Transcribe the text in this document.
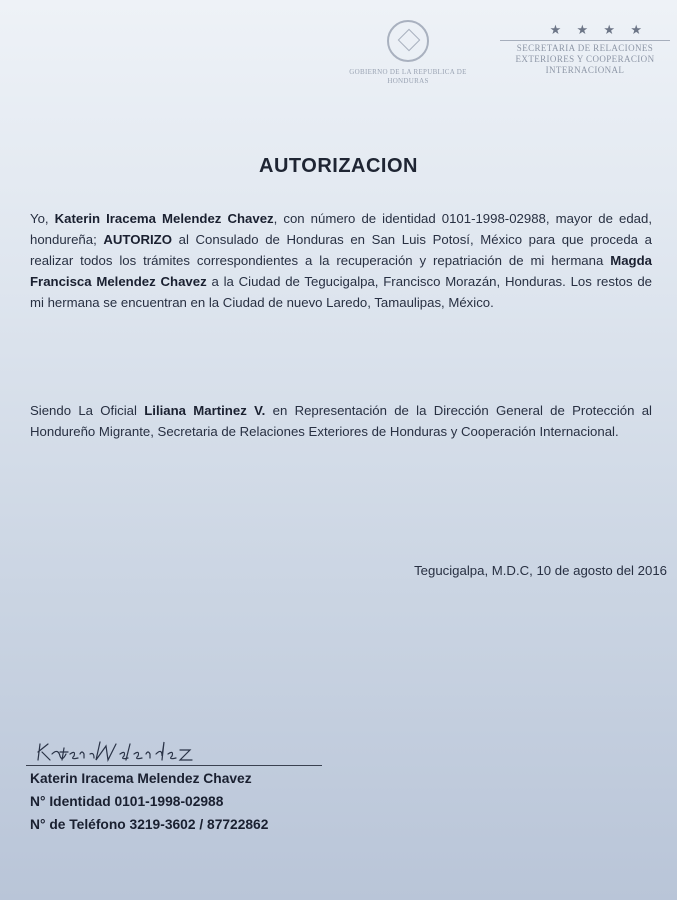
GOBIERNO DE LA REPUBLICA DE HONDURAS
★ ★ ★ ★
SECRETARIA DE RELACIONES EXTERIORES Y COOPERACION INTERNACIONAL
AUTORIZACION
Yo, Katerin Iracema Melendez Chavez, con número de identidad 0101-1998-02988, mayor de edad, hondureña; AUTORIZO al Consulado de Honduras en San Luis Potosí, México para que proceda a realizar todos los trámites correspondientes a la recuperación y repatriación de mi hermana Magda Francisca Melendez Chavez a la Ciudad de Tegucigalpa, Francisco Morazán, Honduras. Los restos de mi hermana se encuentran en la Ciudad de nuevo Laredo, Tamaulipas, México.
Siendo La Oficial Liliana Martinez V. en Representación de la Dirección General de Protección al Hondureño Migrante, Secretaria de Relaciones Exteriores de Honduras y Cooperación Internacional.
Tegucigalpa, M.D.C, 10 de agosto del 2016
Katerin Iracema Melendez Chavez
N° Identidad 0101-1998-02988
N° de Teléfono 3219-3602 / 87722862
